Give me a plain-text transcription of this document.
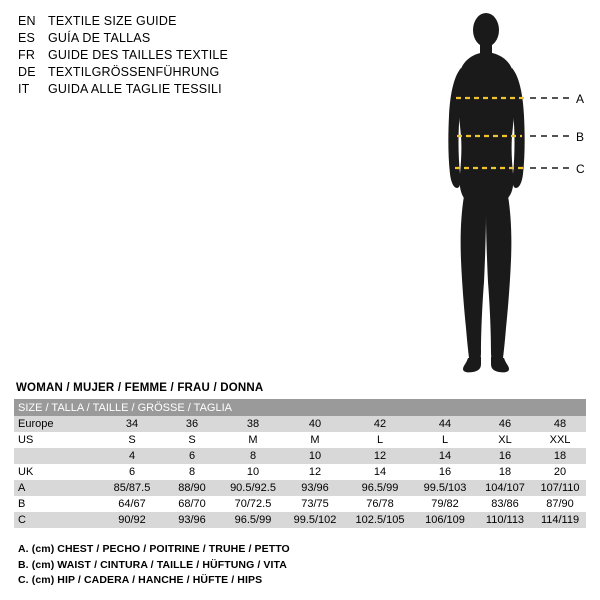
EN TEXTILE SIZE GUIDE
ES	GUÍA DE TALLAS
FR	GUIDE DES TAILLES TEXTILE
DE TEXTILGRÖSSENFÜHRUNG
IT	GUIDA ALLE TAGLIE TESSILI
A
B
C
WOMAN / MUJER / FEMME / FRAU / DONNA
SIZE / TALLA / TAILLE / GRÖSSE / TAGLIA								
Europe	34	36	38	40	42	44	46	48
US	S	S	M	M	L	L	XL	XXL
	4	6	8	10	12	14	16	18
UK	6	8	10	12	14	16	18	20
A	85/87.5	88/90	90.5/92.5	93/96	96.5/99	99.5/103	104/107	107/110
B	64/67	68/70	70/72.5	73/75	76/78	79/82	83/86	87/90
C	90/92	93/96	96.5/99	99.5/102	102.5/105	106/109	110/113	114/119
A. (cm) CHEST / PECHO / POITRINE / TRUHE / PETTO
B. (cm) WAIST / CINTURA / TAILLE / HÜFTUNG / VITA
C. (cm) HIP / CADERA / HANCHE / HÜFTE / HIPS
